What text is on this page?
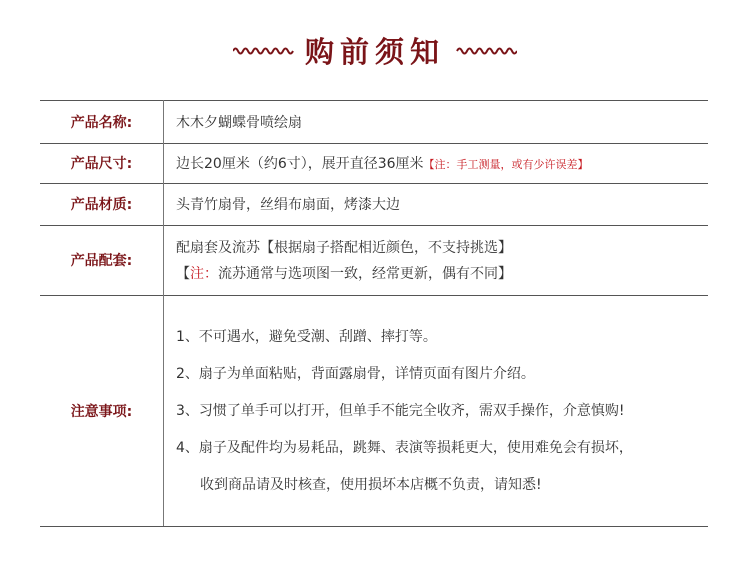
购前须知
产品名称:	木木夕蝴蝶骨喷绘扇
产品尺寸:	边长20厘米（约6寸），展开直径36厘米【注：手工测量，或有少许误差】
产品材质:	头青竹扇骨，丝绢布扇面，烤漆大边
产品配套:
配扇套及流苏【根据扇子搭配相近颜色，不支持挑选】
【注：流苏通常与选项图一致，经常更新，偶有不同】
注意事项:
1、不可遇水，避免受潮、刮蹭、摔打等。
2、扇子为单面粘贴，背面露扇骨，详情页面有图片介绍。
3、习惯了单手可以打开，但单手不能完全收齐，需双手操作，介意慎购!
4、扇子及配件均为易耗品，跳舞、表演等损耗更大，使用难免会有损坏，
收到商品请及时核查，使用损坏本店概不负责，请知悉!
